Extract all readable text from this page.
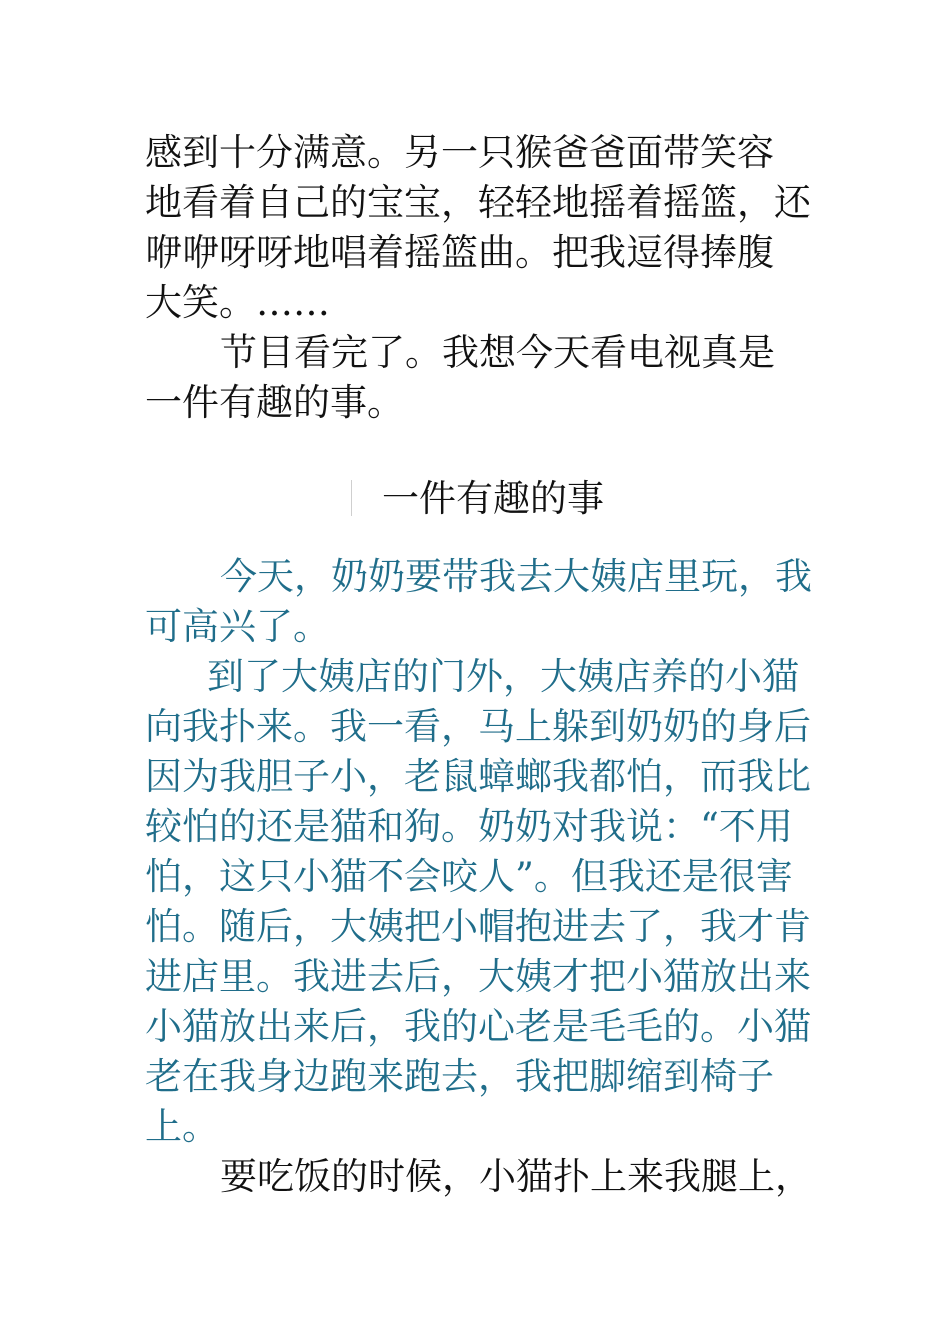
感到十分满意。另一只猴爸爸面带笑容
地看着自己的宝宝，轻轻地摇着摇篮，还
咿咿呀呀地唱着摇篮曲。把我逗得捧腹
大笑。……
节目看完了。我想今天看电视真是
一件有趣的事。
一件有趣的事
今天，奶奶要带我去大姨店里玩，我
可高兴了。
到了大姨店的门外，大姨店养的小猫
向我扑来。我一看，马上躲到奶奶的身后
因为我胆子小，老鼠蟑螂我都怕，而我比
较怕的还是猫和狗。奶奶对我说：“不用
怕，这只小猫不会咬人”。但我还是很害
怕。随后，大姨把小帽抱进去了，我才肯
进店里。我进去后，大姨才把小猫放出来
小猫放出来后，我的心老是毛毛的。小猫
老在我身边跑来跑去，我把脚缩到椅子
上。
要吃饭的时候，小猫扑上来我腿上，
